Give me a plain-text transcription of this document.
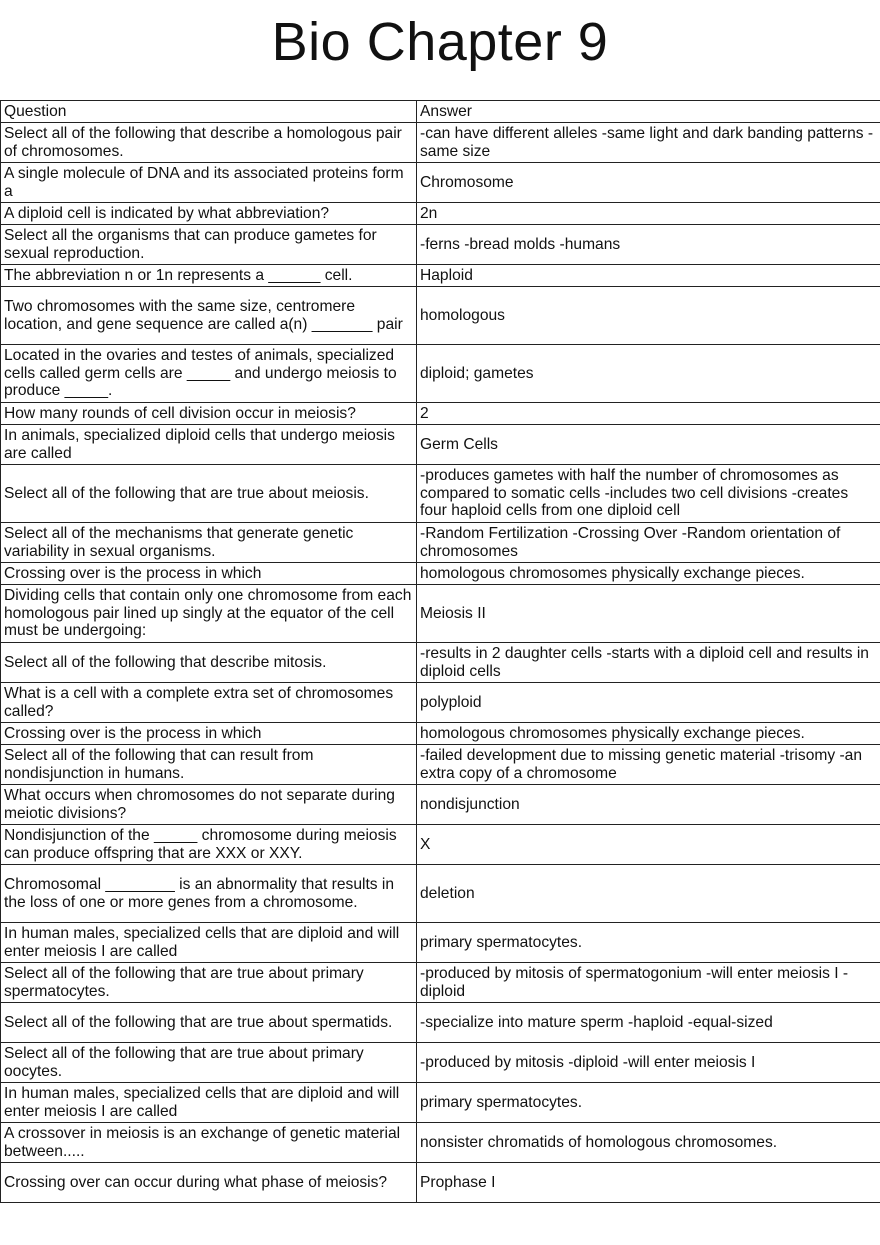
Bio Chapter 9
Question	Answer
Select all of the following that describe a homologous pair of chromosomes.	-can have different alleles -same light and dark banding patterns -same size
A single molecule of DNA and its associated proteins form a	Chromosome
A diploid cell is indicated by what abbreviation?	2n
Select all the organisms that can produce gametes for sexual reproduction.	-ferns -bread molds -humans
The abbreviation n or 1n represents a ______ cell.	Haploid
Two chromosomes with the same size, centromere location, and gene sequence are called a(n) _______ pair	homologous
Located in the ovaries and testes of animals, specialized cells called germ cells are _____ and undergo meiosis to produce _____.	diploid; gametes
How many rounds of cell division occur in meiosis?	2
In animals, specialized diploid cells that undergo meiosis are called	Germ Cells
Select all of the following that are true about meiosis.	-produces gametes with half the number of chromosomes as compared to somatic cells -includes two cell divisions -creates four haploid cells from one diploid cell
Select all of the mechanisms that generate genetic variability in sexual organisms.	-Random Fertilization -Crossing Over -Random orientation of chromosomes
Crossing over is the process in which	homologous chromosomes physically exchange pieces.
Dividing cells that contain only one chromosome from each homologous pair lined up singly at the equator of the cell must be undergoing:	Meiosis II
Select all of the following that describe mitosis.	-results in 2 daughter cells -starts with a diploid cell and results in diploid cells
What is a cell with a complete extra set of chromosomes called?	polyploid
Crossing over is the process in which	homologous chromosomes physically exchange pieces.
Select all of the following that can result from nondisjunction in humans.	-failed development due to missing genetic material -trisomy -an extra copy of a chromosome
What occurs when chromosomes do not separate during meiotic divisions?	nondisjunction
Nondisjunction of the _____ chromosome during meiosis can produce offspring that are XXX or XXY.	X
Chromosomal ________ is an abnormality that results in the loss of one or more genes from a chromosome.	deletion
In human males, specialized cells that are diploid and will enter meiosis I are called	primary spermatocytes.
Select all of the following that are true about primary spermatocytes.	-produced by mitosis of spermatogonium -will enter meiosis I -diploid
Select all of the following that are true about spermatids.	-specialize into mature sperm -haploid -equal-sized
Select all of the following that are true about primary oocytes.	-produced by mitosis -diploid -will enter meiosis I
In human males, specialized cells that are diploid and will enter meiosis I are called	primary spermatocytes.
A crossover in meiosis is an exchange of genetic material between.....	nonsister chromatids of homologous chromosomes.
Crossing over can occur during what phase of meiosis?	Prophase I
